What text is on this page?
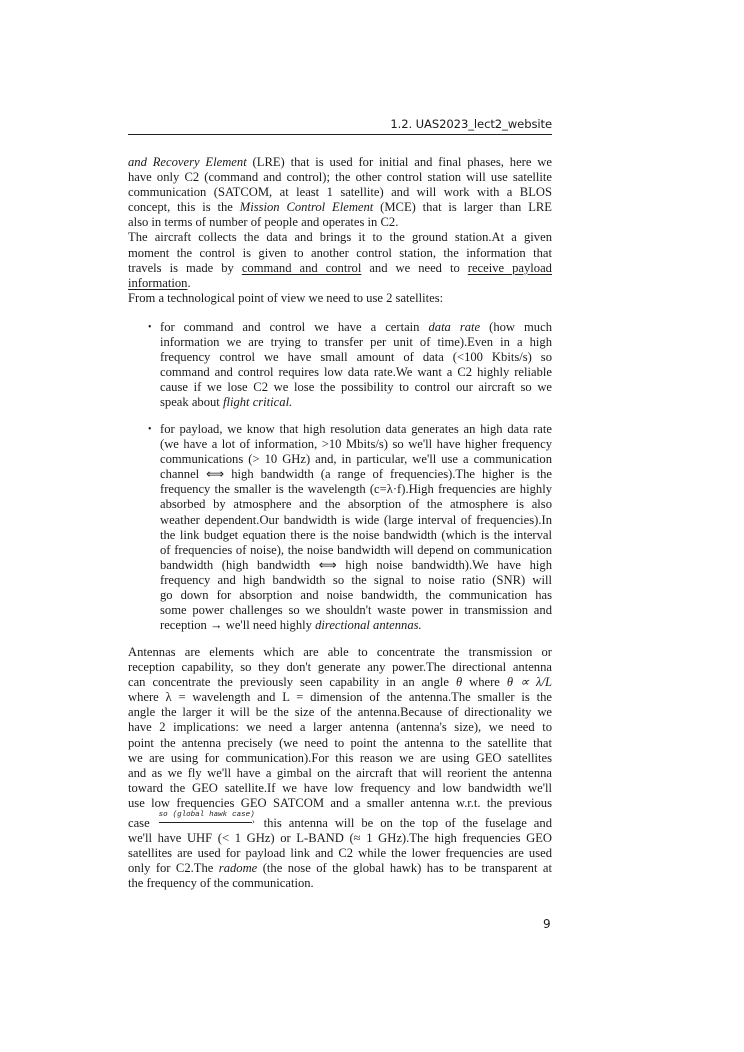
1.2. UAS2023_lect2_website
and Recovery Element (LRE) that is used for initial and final phases, here we
have only C2 (command and control); the other control station will use satellite
communication (SATCOM, at least 1 satellite) and will work with a BLOS
concept, this is the Mission Control Element (MCE) that is larger than LRE
also in terms of number of people and operates in C2.
The aircraft collects the data and brings it to the ground station.At a given
moment the control is given to another control station, the information that
travels is made by command and control and we need to receive payload
information.
From a technological point of view we need to use 2 satellites:
• for command and control we have a certain data rate (how much
information we are trying to transfer per unit of time).Even in a high
frequency control we have small amount of data (<100 Kbits/s) so
command and control requires low data rate.We want a C2 highly reliable
cause if we lose C2 we lose the possibility to control our aircraft so we
speak about flight critical.
• for payload, we know that high resolution data generates an high data rate
(we have a lot of information, >10 Mbits/s) so we'll have higher frequency
communications (> 10 GHz) and, in particular, we'll use a communication
channel ⟺ high bandwidth (a range of frequencies).The higher is the
frequency the smaller is the wavelength (c=λ·f).High frequencies are highly
absorbed by atmosphere and the absorption of the atmosphere is also
weather dependent.Our bandwidth is wide (large interval of frequencies).In
the link budget equation there is the noise bandwidth (which is the interval
of frequencies of noise), the noise bandwidth will depend on communication
bandwidth (high bandwidth ⟺ high noise bandwidth).We have high
frequency and high bandwidth so the signal to noise ratio (SNR) will
go down for absorption and noise bandwidth, the communication has
some power challenges so we shouldn't waste power in transmission and
reception → we'll need highly directional antennas.
Antennas are elements which are able to concentrate the transmission or
reception capability, so they don't generate any power.The directional antenna
can concentrate the previously seen capability in an angle θ where θ ∝ λ/L
where λ = wavelength and L = dimension of the antenna.The smaller is the
angle the larger it will be the size of the antenna.Because of directionality we
have 2 implications: we need a larger antenna (antenna's size), we need to
point the antenna precisely (we need to point the antenna to the satellite that
we are using for communication).For this reason we are using GEO satellites
and as we fly we'll have a gimbal on the aircraft that will reorient the antenna
toward the GEO satellite.If we have low frequency and low bandwidth we'll
use low frequencies GEO SATCOM and a smaller antenna w.r.t. the previous
case
so (global hawk case)
› this antenna will be on the top of the fuselage and
we'll have UHF (< 1 GHz) or L-BAND (≈ 1 GHz).The high frequencies GEO
satellites are used for payload link and C2 while the lower frequencies are used
only for C2.The radome (the nose of the global hawk) has to be transparent at
the frequency of the communication.
9
